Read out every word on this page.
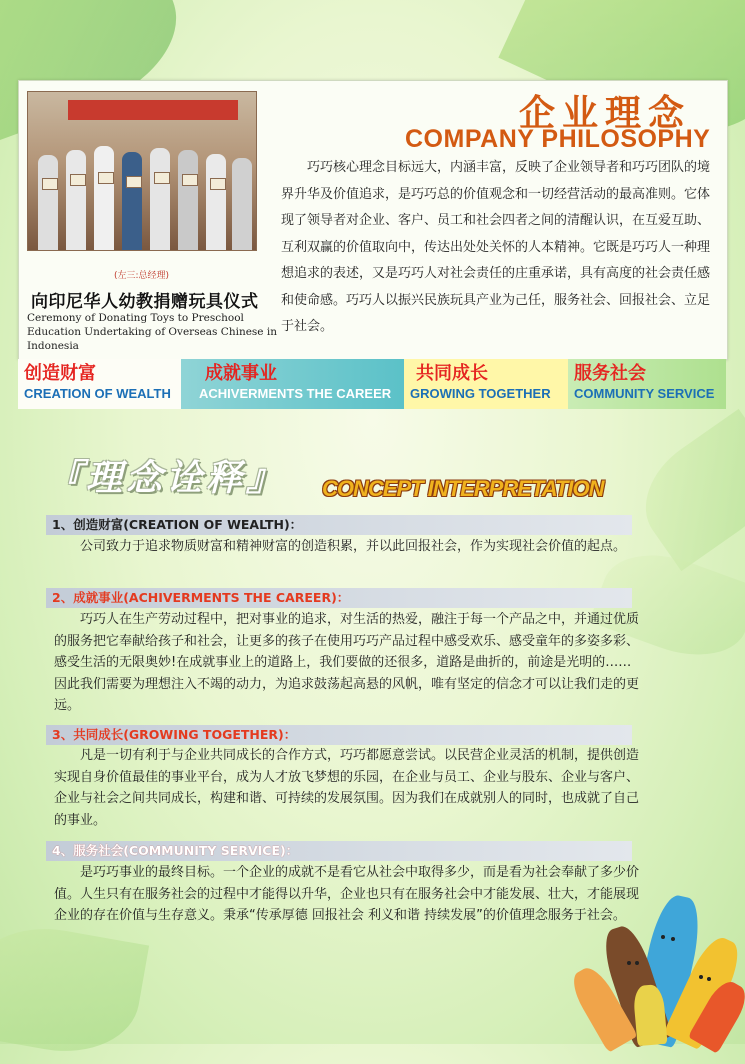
(左三:总经理)
向印尼华人幼教捐赠玩具仪式
Ceremony of Donating Toys to Preschool Education Undertaking of Overseas Chinese in Indonesia
企业理念
COMPANY PHILOSOPHY

巧巧核心理念目标远大，内涵丰富，反映了企业领导者和巧巧团队的境界升华及价值追求，是巧巧总的价值观念和一切经营活动的最高准则。它体现了领导者对企业、客户、员工和社会四者之间的清醒认识，在互爱互助、互利双赢的价值取向中，传达出处处关怀的人本精神。它既是巧巧人一种理想追求的表述，又是巧巧人对社会责任的庄重承诺，具有高度的社会责任感和使命感。巧巧人以振兴民族玩具产业为己任，服务社会、回报社会、立足于社会。

创造财富
CREATION OF WEALTH
成就事业
ACHIVERMENTS THE CAREER
共同成长
GROWING TOGETHER
服务社会
COMMUNITY SERVICE
『理念诠释』 CONCEPT INTERPRETATION
1、创造财富(CREATION OF WEALTH)：

公司致力于追求物质财富和精神财富的创造积累，并以此回报社会，作为实现社会价值的起点。

2、成就事业(ACHIVERMENTS THE CAREER)：

巧巧人在生产劳动过程中，把对事业的追求，对生活的热爱，融注于每一个产品之中，并通过优质的服务把它奉献给孩子和社会，让更多的孩子在使用巧巧产品过程中感受欢乐、感受童年的多姿多彩、感受生活的无限奥妙!在成就事业上的道路上，我们要做的还很多，道路是曲折的，前途是光明的……因此我们需要为理想注入不竭的动力，为追求鼓荡起高悬的风帆，唯有坚定的信念才可以让我们走的更远。

3、共同成长(GROWING TOGETHER)：

凡是一切有利于与企业共同成长的合作方式，巧巧都愿意尝试。以民营企业灵活的机制，提供创造实现自身价值最佳的事业平台，成为人才放飞梦想的乐园，在企业与员工、企业与股东、企业与客户、企业与社会之间共同成长，构建和谐、可持续的发展氛围。因为我们在成就别人的同时，也成就了自己的事业。

4、服务社会(COMMUNITY SERVICE)：

是巧巧事业的最终目标。一个企业的成就不是看它从社会中取得多少，而是看为社会奉献了多少价值。人生只有在服务社会的过程中才能得以升华，企业也只有在服务社会中才能发展、壮大，才能展现企业的存在价值与生存意义。秉承“传承厚德 回报社会 利义和谐 持续发展”的价值理念服务于社会。
